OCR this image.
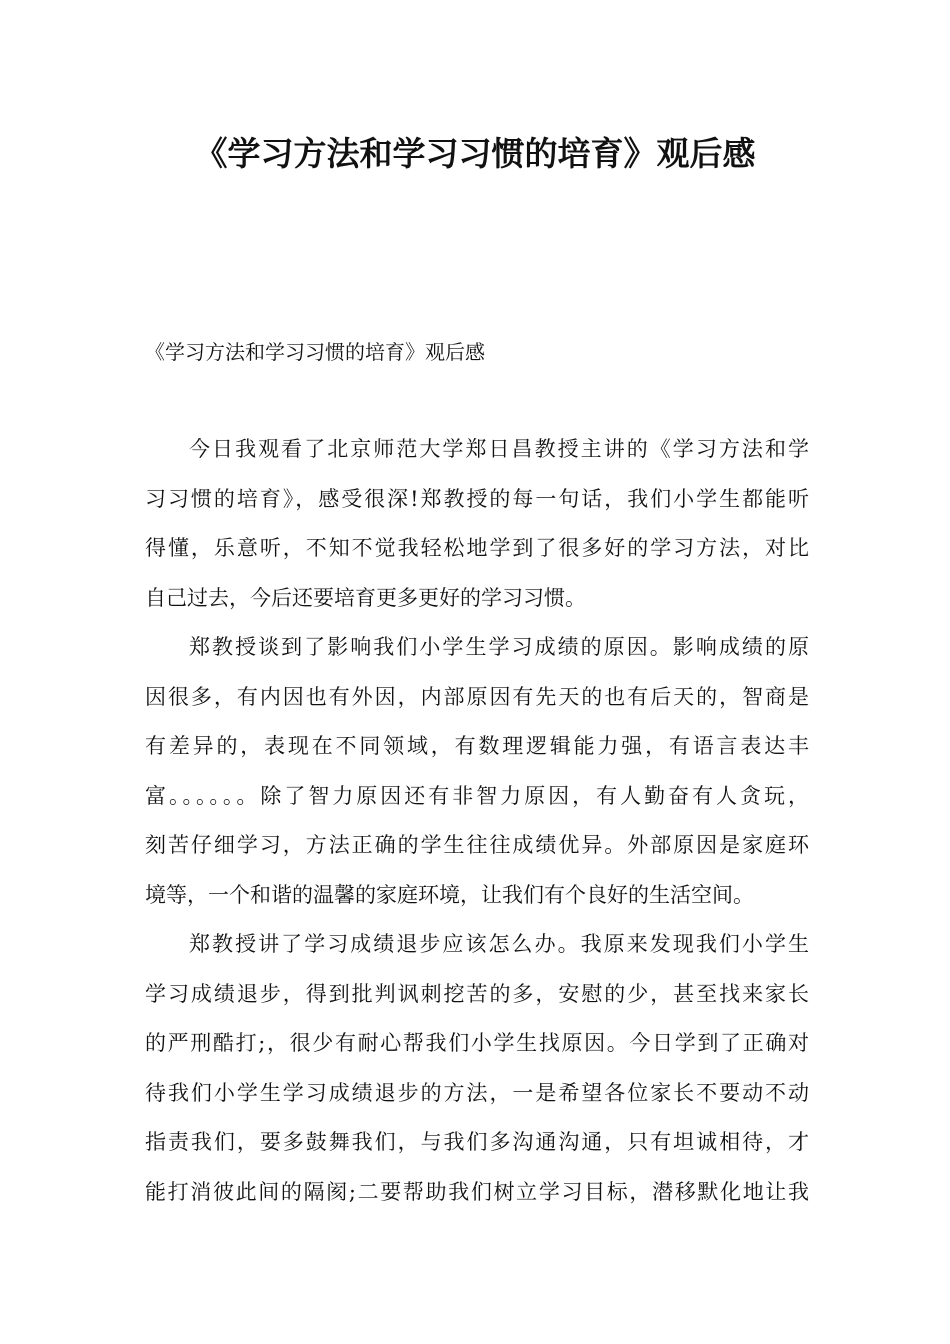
《学习方法和学习习惯的培育》观后感

《学习方法和学习习惯的培育》观后感

今日我观看了北京师范大学郑日昌教授主讲的《学习方法和学
习习惯的培育》，感受很深!郑教授的每一句话，我们小学生都能听
得懂，乐意听，不知不觉我轻松地学到了很多好的学习方法，对比
自己过去，今后还要培育更多更好的学习习惯。
郑教授谈到了影响我们小学生学习成绩的原因。影响成绩的原
因很多，有内因也有外因，内部原因有先天的也有后天的，智商是
有差异的，表现在不同领域，有数理逻辑能力强，有语言表达丰
富。。。。。。除了智力原因还有非智力原因，有人勤奋有人贪玩，
刻苦仔细学习，方法正确的学生往往成绩优异。外部原因是家庭环
境等，一个和谐的温馨的家庭环境，让我们有个良好的生活空间。
郑教授讲了学习成绩退步应该怎么办。我原来发现我们小学生
学习成绩退步，得到批判讽刺挖苦的多，安慰的少，甚至找来家长
的严刑酷打;，很少有耐心帮我们小学生找原因。今日学到了正确对
待我们小学生学习成绩退步的方法，一是希望各位家长不要动不动
指责我们，要多鼓舞我们，与我们多沟通沟通，只有坦诚相待，才
能打消彼此间的隔阂;二要帮助我们树立学习目标，潜移默化地让我
